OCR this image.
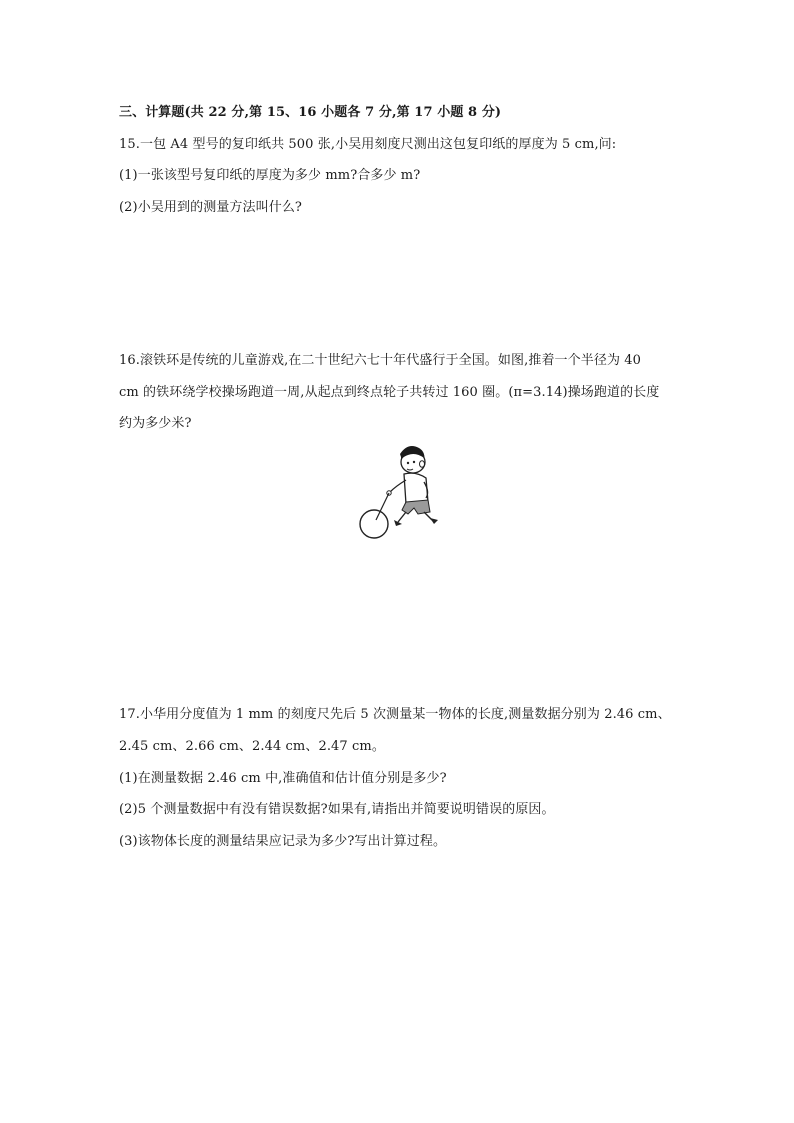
三、计算题(共 22 分,第 15、16 小题各 7 分,第 17 小题 8 分)
15.一包 A4 型号的复印纸共 500 张,小吴用刻度尺测出这包复印纸的厚度为 5 cm,问:
(1)一张该型号复印纸的厚度为多少 mm?合多少 m?
(2)小吴用到的测量方法叫什么?
16.滚铁环是传统的儿童游戏,在二十世纪六七十年代盛行于全国。如图,推着一个半径为 40
cm 的铁环绕学校操场跑道一周,从起点到终点轮子共转过 160 圈。(π=3.14)操场跑道的长度
约为多少米?
17.小华用分度值为 1 mm 的刻度尺先后 5 次测量某一物体的长度,测量数据分别为 2.46 cm、
2.45 cm、2.66 cm、2.44 cm、2.47 cm。
(1)在测量数据 2.46 cm 中,准确值和估计值分别是多少?
(2)5 个测量数据中有没有错误数据?如果有,请指出并简要说明错误的原因。
(3)该物体长度的测量结果应记录为多少?写出计算过程。
